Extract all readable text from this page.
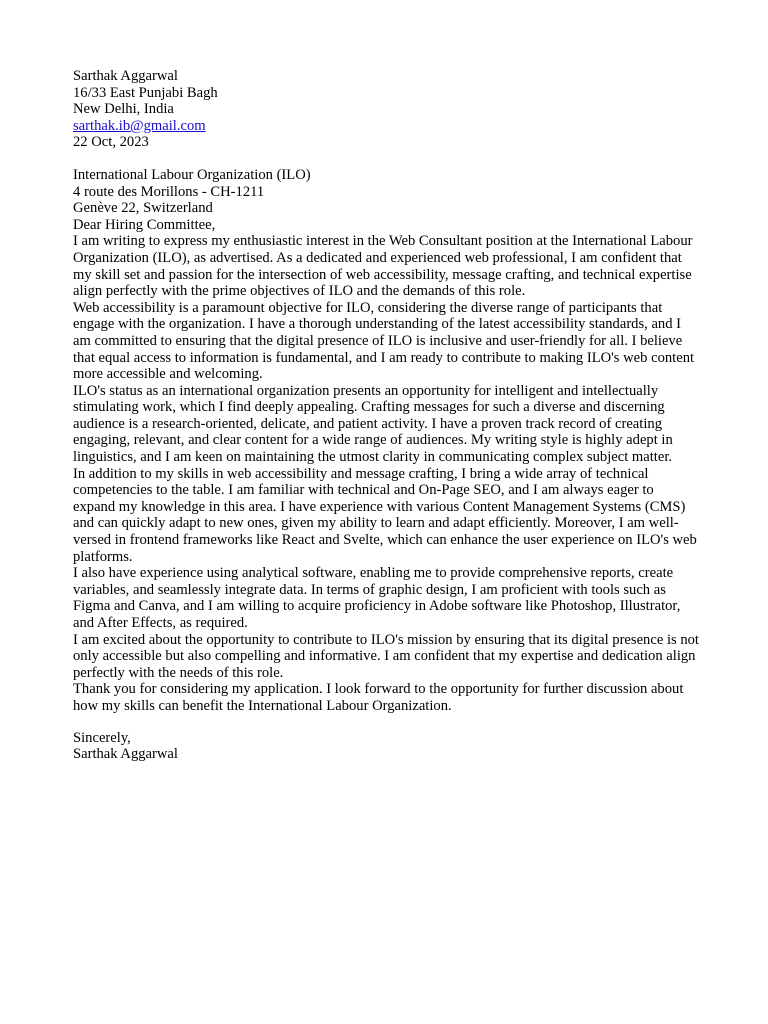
Sarthak Aggarwal
16/33 East Punjabi Bagh
New Delhi, India
sarthak.ib@gmail.com
22 Oct, 2023
International Labour Organization (ILO)
4 route des Morillons - CH-1211
Genève 22, Switzerland

Dear Hiring Committee,

I am writing to express my enthusiastic interest in the Web Consultant position at the International Labour Organization (ILO), as advertised. As a dedicated and experienced web professional, I am confident that my skill set and passion for the intersection of web accessibility, message crafting, and technical expertise align perfectly with the prime objectives of ILO and the demands of this role.

Web accessibility is a paramount objective for ILO, considering the diverse range of participants that engage with the organization. I have a thorough understanding of the latest accessibility standards, and I am committed to ensuring that the digital presence of ILO is inclusive and user-friendly for all. I believe that equal access to information is fundamental, and I am ready to contribute to making ILO's web content more accessible and welcoming.

ILO's status as an international organization presents an opportunity for intelligent and intellectually stimulating work, which I find deeply appealing. Crafting messages for such a diverse and discerning audience is a research-oriented, delicate, and patient activity. I have a proven track record of creating engaging, relevant, and clear content for a wide range of audiences. My writing style is highly adept in linguistics, and I am keen on maintaining the utmost clarity in communicating complex subject matter.

In addition to my skills in web accessibility and message crafting, I bring a wide array of technical competencies to the table. I am familiar with technical and On-Page SEO, and I am always eager to expand my knowledge in this area. I have experience with various Content Management Systems (CMS) and can quickly adapt to new ones, given my ability to learn and adapt efficiently. Moreover, I am well-versed in frontend frameworks like React and Svelte, which can enhance the user experience on ILO's web platforms.

I also have experience using analytical software, enabling me to provide comprehensive reports, create variables, and seamlessly integrate data. In terms of graphic design, I am proficient with tools such as Figma and Canva, and I am willing to acquire proficiency in Adobe software like Photoshop, Illustrator, and After Effects, as required.

I am excited about the opportunity to contribute to ILO's mission by ensuring that its digital presence is not only accessible but also compelling and informative. I am confident that my expertise and dedication align perfectly with the needs of this role.

Thank you for considering my application. I look forward to the opportunity for further discussion about how my skills can benefit the International Labour Organization.

Sincerely,
Sarthak Aggarwal
